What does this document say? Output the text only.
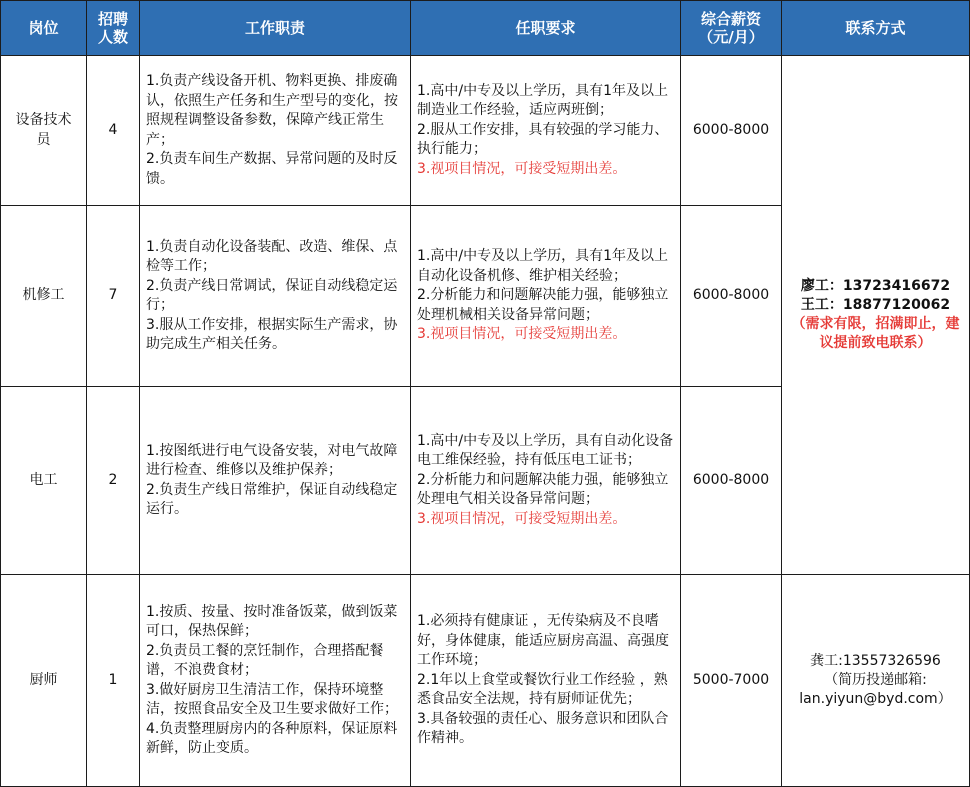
岗位	招聘人数	工作职责	任职要求	综合薪资
（元/月）	联系方式

设备技术员	4	1.负责产线设备开机、物料更换、排废确认，依照生产任务和生产型号的变化，按照规程调整设备参数，保障产线正常生产；
2.负责车间生产数据、异常问题的及时反馈。	1.高中/中专及以上学历，具有1年及以上制造业工作经验，适应两班倒；
2.服从工作安排，具有较强的学习能力、执行能力；
3.视项目情况，可接受短期出差。	6000-8000	廖工：13723416672
王工：18877120062
（需求有限，招满即止，建议提前致电联系）

机修工	7	1.负责自动化设备装配、改造、维保、点检等工作；
2.负责产线日常调试，保证自动线稳定运行；
3.服从工作安排，根据实际生产需求，协助完成生产相关任务。	1.高中/中专及以上学历，具有1年及以上自动化设备机修、维护相关经验；
2.分析能力和问题解决能力强，能够独立处理机械相关设备异常问题；
3.视项目情况，可接受短期出差。	6000-8000	
电工	2	1.按图纸进行电气设备安装，对电气故障进行检查、维修以及维护保养；
2.负责生产线日常维护，保证自动线稳定运行。	1.高中/中专及以上学历，具有自动化设备电工维保经验，持有低压电工证书；
2.分析能力和问题解决能力强，能够独立处理电气相关设备异常问题；
3.视项目情况，可接受短期出差。	6000-8000	
厨师	1	1.按质、按量、按时准备饭菜，做到饭菜可口，保热保鲜；
2.负责员工餐的烹饪制作，合理搭配餐谱，不浪费食材；
3.做好厨房卫生清洁工作，保持环境整洁，按照食品安全及卫生要求做好工作；
4.负责整理厨房内的各种原料，保证原料新鲜，防止变质。	1.必须持有健康证 ，无传染病及不良嗜好，身体健康，能适应厨房高温、高强度工作环境；
2.1年以上食堂或餐饮行业工作经验 ，熟悉食品安全法规，持有厨师证优先；
3.具备较强的责任心、服务意识和团队合作精神。	5000-7000	龚工:13557326596
（简历投递邮箱:
lan.yiyun@byd.com）
